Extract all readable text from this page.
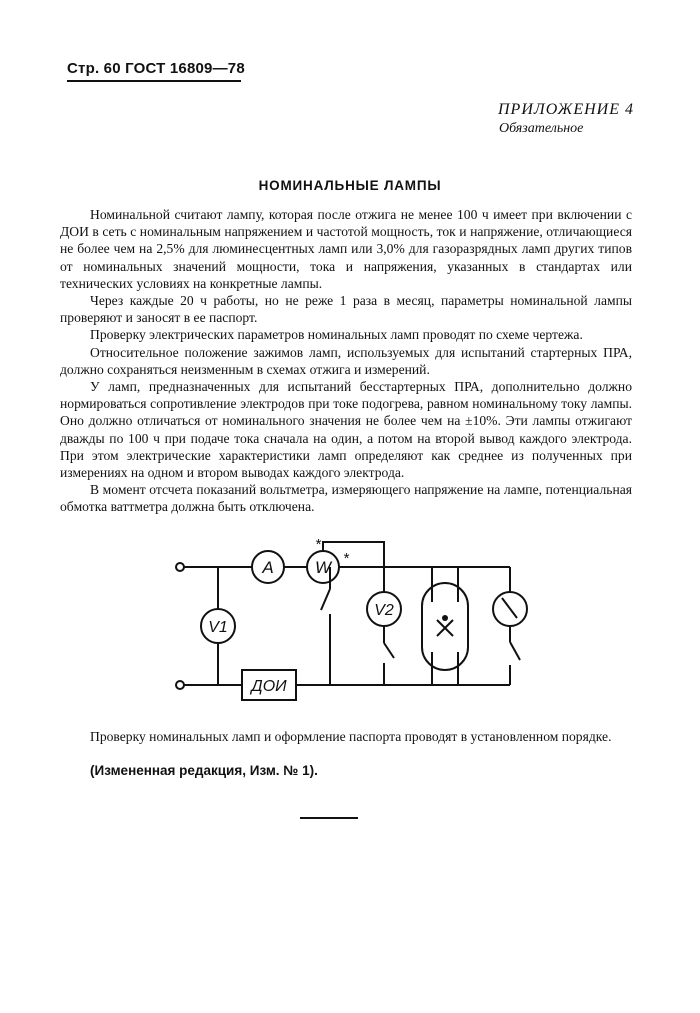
Стр. 60 ГОСТ 16809—78
ПРИЛОЖЕНИЕ 4
Обязательное
НОМИНАЛЬНЫЕ ЛАМПЫ

Номинальной считают лампу, которая после отжига не менее 100 ч имеет при включении с ДОИ в сеть с номинальным напряжением и частотой мощность, ток и напряжение, отличающиеся не более чем на 2,5% для люминесцентных ламп или 3,0% для газоразрядных ламп других типов от номинальных значений мощности, тока и напряжения, указанных в стандартах или технических условиях на конкретные лампы.

Через каждые 20 ч работы, но не реже 1 раза в месяц, параметры номинальной лампы проверяют и заносят в ее паспорт.

Проверку электрических параметров номинальных ламп проводят по схеме чертежа.

Относительное положение зажимов ламп, используемых для испытаний стартерных ПРА, должно сохраняться неизменным в схемах отжига и измерений.

У ламп, предназначенных для испытаний бесстартерных ПРА, дополнительно должно нормироваться сопротивление электродов при токе подогрева, равном номинальному току лампы. Оно должно отличаться от номинального значения не более чем на ±10%. Эти лампы отжигают дважды по 100 ч при подаче тока сначала на один, а потом на второй вывод каждого электрода. При этом электрические характеристики ламп определяют как среднее из полученных при измерениях на одном и втором выводах каждого электрода.

В момент отсчета показаний вольтметра, измеряющего напряжение на лампе, потенциальная обмотка ваттметра должна быть отключена.

A W
V1
V2
ДОИ
*
*

Проверку номинальных ламп и оформление паспорта проводят в установленном порядке.

(Измененная редакция, Изм. № 1).
